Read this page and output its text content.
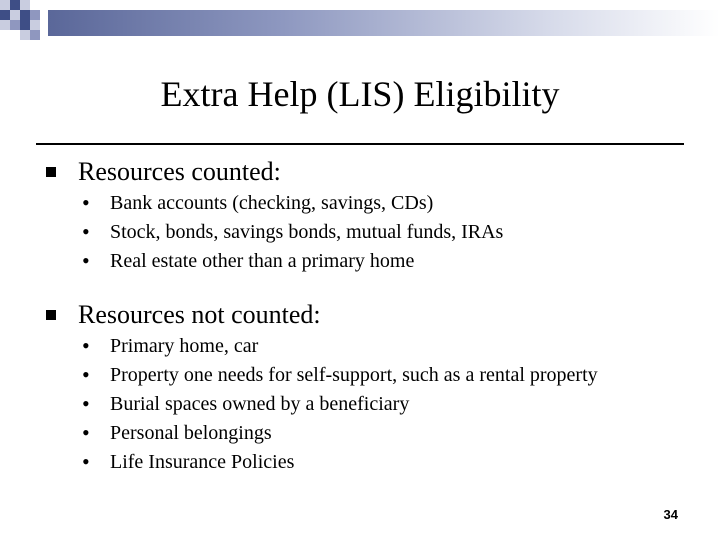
Extra Help (LIS) Eligibility
Resources counted:
•	Bank accounts (checking, savings, CDs)
•	Stock, bonds, savings bonds, mutual funds, IRAs
•	Real estate other than a primary home
Resources not counted:
•	Primary home, car
•	Property one needs for self-support, such as a rental property
•	Burial spaces owned by a beneficiary
•	Personal belongings
•	Life Insurance Policies
34
